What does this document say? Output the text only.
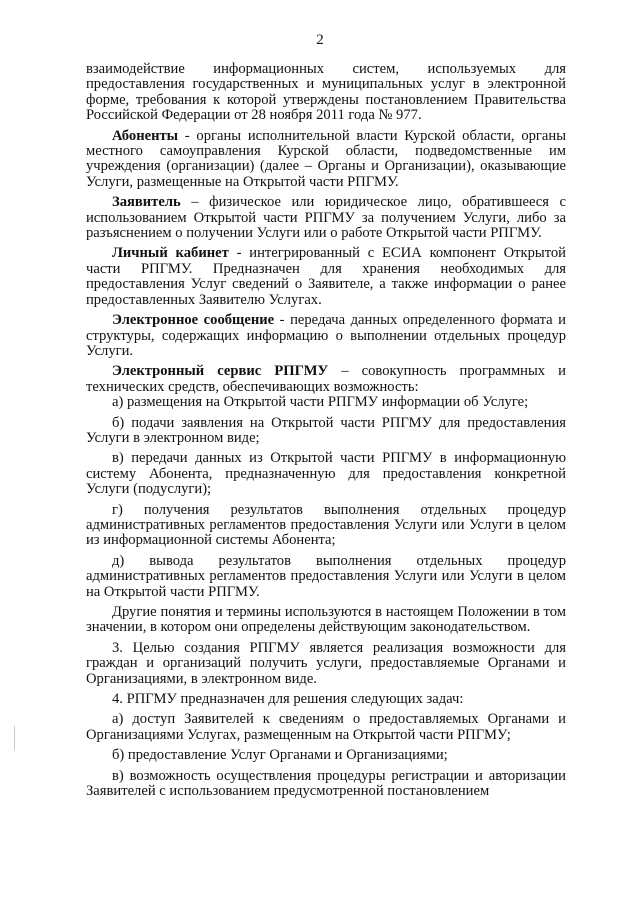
2

взаимодействие информационных систем, используемых для предоставления государственных и муниципальных услуг в электронной форме, требования к которой утверждены постановлением Правительства Российской Федерации от 28 ноября 2011 года № 977.

Абоненты - органы исполнительной власти Курской области, органы местного самоуправления Курской области, подведомственные им учреждения (организации) (далее – Органы и Организации), оказывающие Услуги, размещенные на Открытой части РПГМУ.

Заявитель – физическое или юридическое лицо, обратившееся с использованием Открытой части РПГМУ за получением Услуги, либо за разъяснением о получении Услуги или о работе Открытой части РПГМУ.

Личный кабинет - интегрированный с ЕСИА компонент Открытой части РПГМУ. Предназначен для хранения необходимых для предоставления Услуг сведений о Заявителе, а также информации о ранее предоставленных Заявителю Услугах.

Электронное сообщение - передача данных определенного формата и структуры, содержащих информацию о выполнении отдельных процедур Услуги.

Электронный сервис РПГМУ – совокупность программных и технических средств, обеспечивающих возможность:

а) размещения на Открытой части РПГМУ информации об Услуге;

б) подачи заявления на Открытой части РПГМУ для предоставления Услуги в электронном виде;

в) передачи данных из Открытой части РПГМУ в информационную систему Абонента, предназначенную для предоставления конкретной Услуги (подуслуги);

г) получения результатов выполнения отдельных процедур административных регламентов предоставления Услуги или Услуги в целом из информационной системы Абонента;

д) вывода результатов выполнения отдельных процедур административных регламентов предоставления Услуги или Услуги в целом на Открытой части РПГМУ.

Другие понятия и термины используются в настоящем Положении в том значении, в котором они определены действующим законодательством.

3. Целью создания РПГМУ является реализация возможности для граждан и организаций получить услуги, предоставляемые Органами и Организациями, в электронном виде.

4. РПГМУ предназначен для решения следующих задач:

а) доступ Заявителей к сведениям о предоставляемых Органами и Организациями Услугах, размещенным на Открытой части РПГМУ;

б) предоставление Услуг Органами и Организациями;

в) возможность осуществления процедуры регистрации и авторизации Заявителей с использованием предусмотренной постановлением
